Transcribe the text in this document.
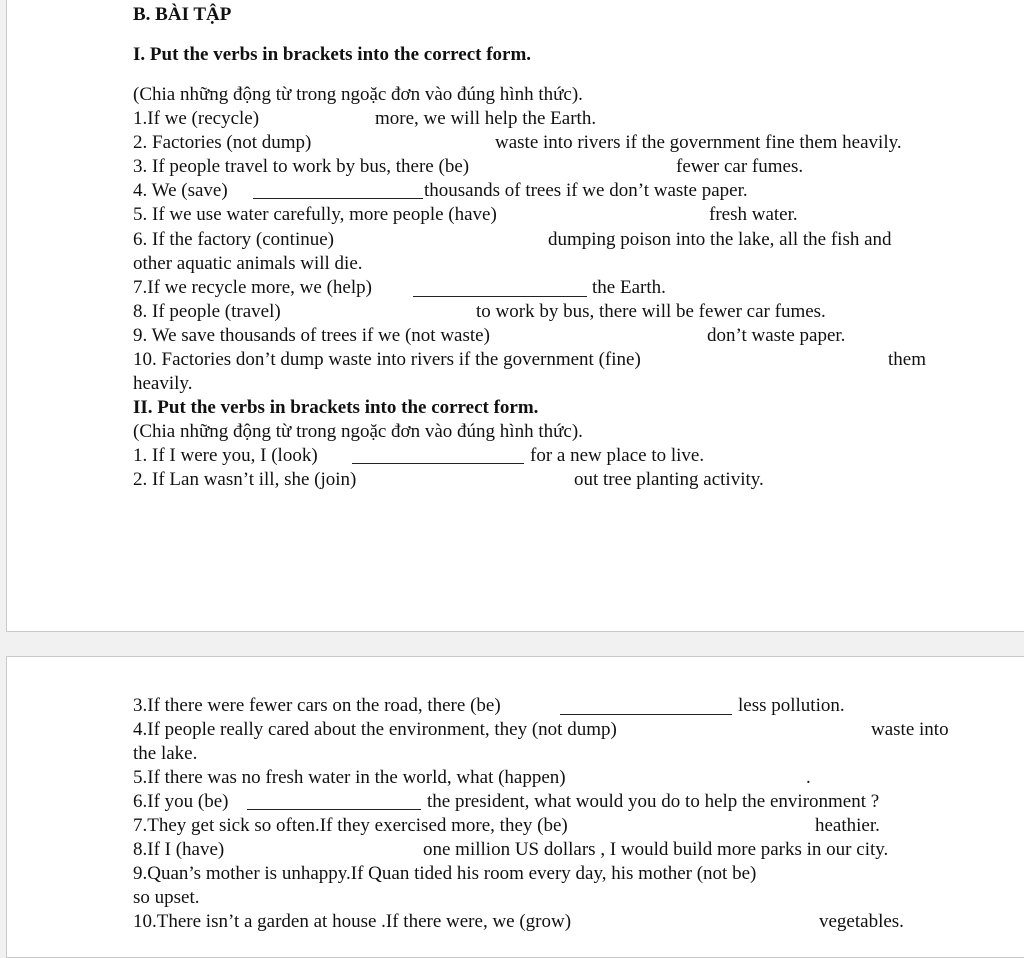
B. BÀI TẬP
I. Put the verbs in brackets into the correct form.
(Chia những động từ trong ngoặc đơn vào đúng hình thức).
1.If we (recycle)	more, we will help the Earth.
2. Factories (not dump)	waste into rivers if the government fine them heavily.
3. If people travel to work by bus, there (be)	fewer car fumes.
4. We (save)	thousands of trees if we don’t waste paper.
5. If we use water carefully, more people (have)	fresh water.
6. If the factory (continue)	dumping poison into the lake, all the fish and
other aquatic animals will die.
7.If we recycle more, we (help)	the Earth.
8. If people (travel)	to work by bus, there will be fewer car fumes.
9. We save thousands of trees if we (not waste)	don’t waste paper.
10. Factories don’t dump waste into rivers if the government (fine)	them
heavily.
II. Put the verbs in brackets into the correct form.
(Chia những động từ trong ngoặc đơn vào đúng hình thức).
1. If I were you, I (look)	for a new place to live.
2. If Lan wasn’t ill, she (join)	out tree planting activity.
3.If there were fewer cars on the road, there (be)	less pollution.
4.If people really cared about the environment, they (not dump)	waste into
the lake.
5.If there was no fresh water in the world, what (happen)	.
6.If you (be)	the president, what would you do to help the environment ?
7.They get sick so often.If they exercised more, they (be)	heathier.
8.If I (have)	one million US dollars , I would build more parks in our city.
9.Quan’s mother is unhappy.If Quan tided his room every day, his mother (not be)
so upset.
10.There isn’t a garden at house .If there were, we (grow)	vegetables.
